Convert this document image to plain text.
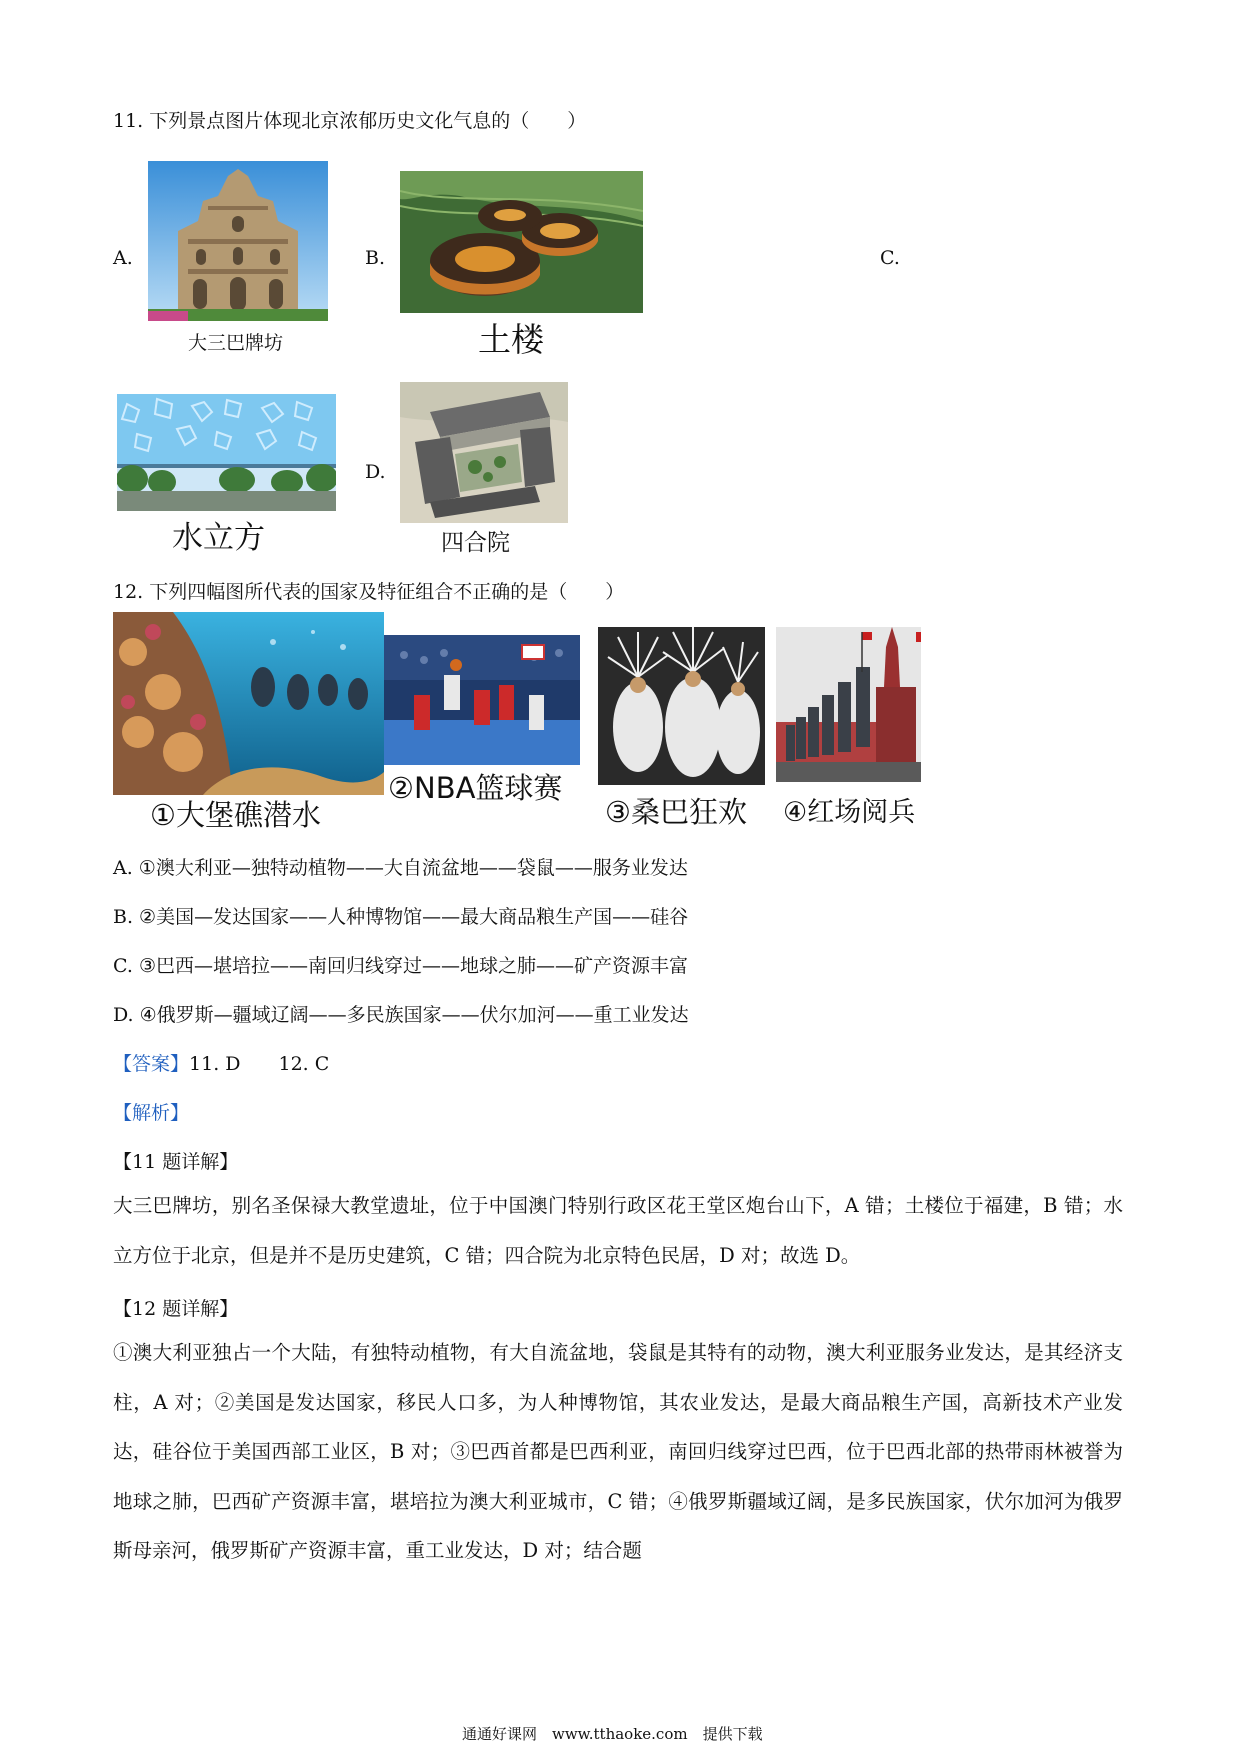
11. 下列景点图片体现北京浓郁历史文化气息的（　　）
A.
大三巴牌坊
B.
土楼
C.
水立方
D.
四合院
12. 下列四幅图所代表的国家及特征组合不正确的是（　　）
①大堡礁潜水
②NBA篮球赛
③桑巴狂欢 ④红场阅兵
A. ①澳大利亚—独特动植物——大自流盆地——袋鼠——服务业发达
B. ②美国—发达国家——人种博物馆——最大商品粮生产国——硅谷
C. ③巴西—堪培拉——南回归线穿过——地球之肺——矿产资源丰富
D. ④俄罗斯—疆域辽阔——多民族国家——伏尔加河——重工业发达
【答案】11. D　　12. C
【解析】
【11 题详解】
大三巴牌坊，别名圣保禄大教堂遗址，位于中国澳门特别行政区花王堂区炮台山下，A 错；土楼位于福建，B 错；水立方位于北京，但是并不是历史建筑，C 错；四合院为北京特色民居，D 对；故选 D。
【12 题详解】
①澳大利亚独占一个大陆，有独特动植物，有大自流盆地，袋鼠是其特有的动物，澳大利亚服务业发达，是其经济支柱，A 对；②美国是发达国家，移民人口多，为人种博物馆，其农业发达，是最大商品粮生产国，高新技术产业发达，硅谷位于美国西部工业区，B 对；③巴西首都是巴西利亚，南回归线穿过巴西，位于巴西北部的热带雨林被誉为地球之肺，巴西矿产资源丰富，堪培拉为澳大利亚城市，C 错；④俄罗斯疆域辽阔，是多民族国家，伏尔加河为俄罗斯母亲河，俄罗斯矿产资源丰富，重工业发达，D 对；结合题
通通好课网　www.tthaoke.com　提供下载
